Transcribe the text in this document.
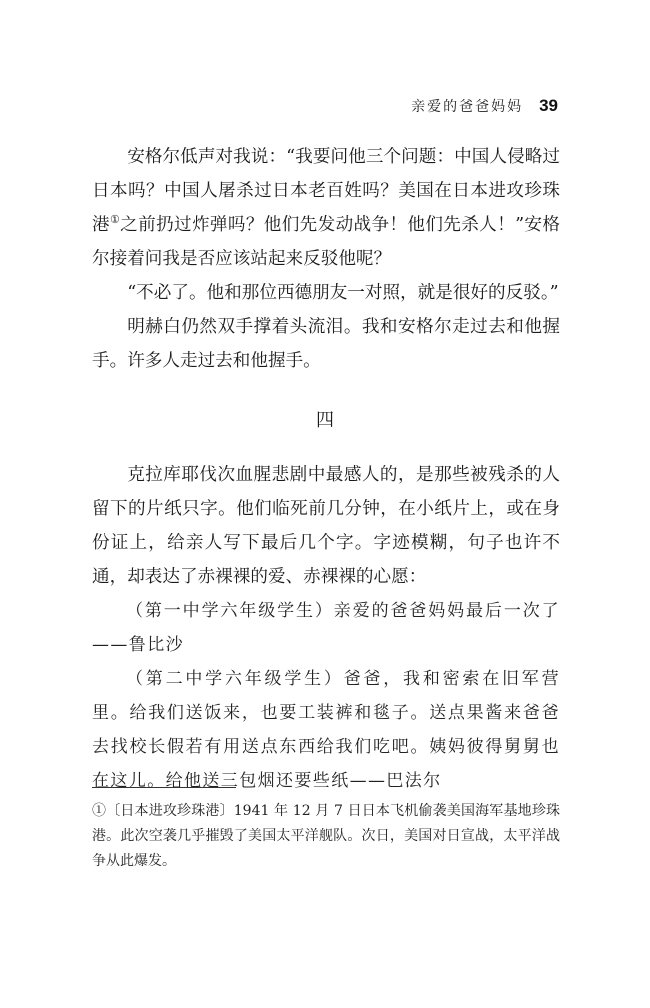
亲爱的爸爸妈妈 39

安格尔低声对我说：“我要问他三个问题：中国人侵略过日本吗？中国人屠杀过日本老百姓吗？美国在日本进攻珍珠港①之前扔过炸弹吗？他们先发动战争！他们先杀人！”安格尔接着问我是否应该站起来反驳他呢？

“不必了。他和那位西德朋友一对照，就是很好的反驳。”

明赫白仍然双手撑着头流泪。我和安格尔走过去和他握手。许多人走过去和他握手。

四

克拉库耶伐次血腥悲剧中最感人的，是那些被残杀的人留下的片纸只字。他们临死前几分钟，在小纸片上，或在身份证上，给亲人写下最后几个字。字迹模糊，句子也许不通，却表达了赤裸裸的爱、赤裸裸的心愿：

（第一中学六年级学生）亲爱的爸爸妈妈最后一次了——鲁比沙

（第二中学六年级学生）爸爸，我和密索在旧军营里。给我们送饭来，也要工装裤和毯子。送点果酱来爸爸去找校长假若有用送点东西给我们吃吧。姨妈彼得舅舅也在这儿。给他送三包烟还要些纸——巴法尔

①〔日本进攻珍珠港〕1941 年 12 月 7 日日本飞机偷袭美国海军基地珍珠港。此次空袭几乎摧毁了美国太平洋舰队。次日，美国对日宣战，太平洋战争从此爆发。
